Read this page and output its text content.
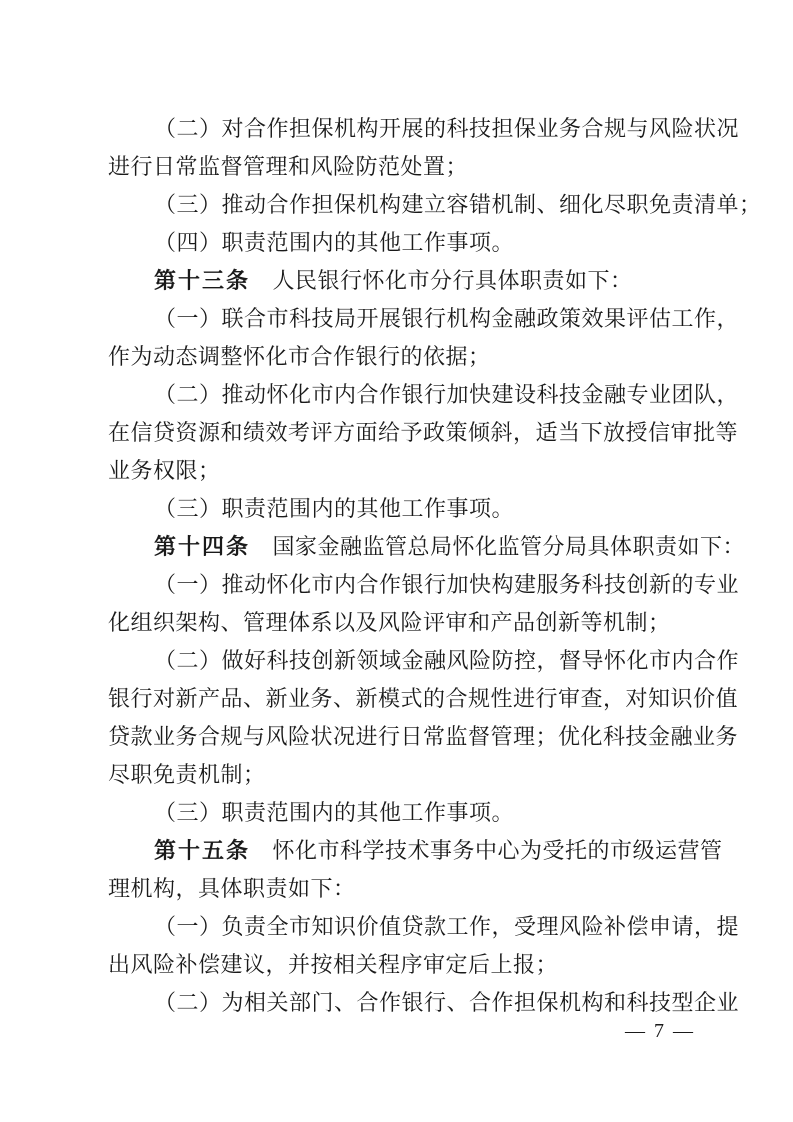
（二）对合作担保机构开展的科技担保业务合规与风险状况
进行日常监督管理和风险防范处置；
（三）推动合作担保机构建立容错机制、细化尽职免责清单；
（四）职责范围内的其他工作事项。
第十三条　人民银行怀化市分行具体职责如下：
（一）联合市科技局开展银行机构金融政策效果评估工作，
作为动态调整怀化市合作银行的依据；
（二）推动怀化市内合作银行加快建设科技金融专业团队，
在信贷资源和绩效考评方面给予政策倾斜，适当下放授信审批等
业务权限；
（三）职责范围内的其他工作事项。
第十四条　国家金融监管总局怀化监管分局具体职责如下：
（一）推动怀化市内合作银行加快构建服务科技创新的专业
化组织架构、管理体系以及风险评审和产品创新等机制；
（二）做好科技创新领域金融风险防控，督导怀化市内合作
银行对新产品、新业务、新模式的合规性进行审查，对知识价值
贷款业务合规与风险状况进行日常监督管理；优化科技金融业务
尽职免责机制；
（三）职责范围内的其他工作事项。
第十五条　怀化市科学技术事务中心为受托的市级运营管
理机构，具体职责如下：
（一）负责全市知识价值贷款工作，受理风险补偿申请，提
出风险补偿建议，并按相关程序审定后上报；
（二）为相关部门、合作银行、合作担保机构和科技型企业
— 7 —
